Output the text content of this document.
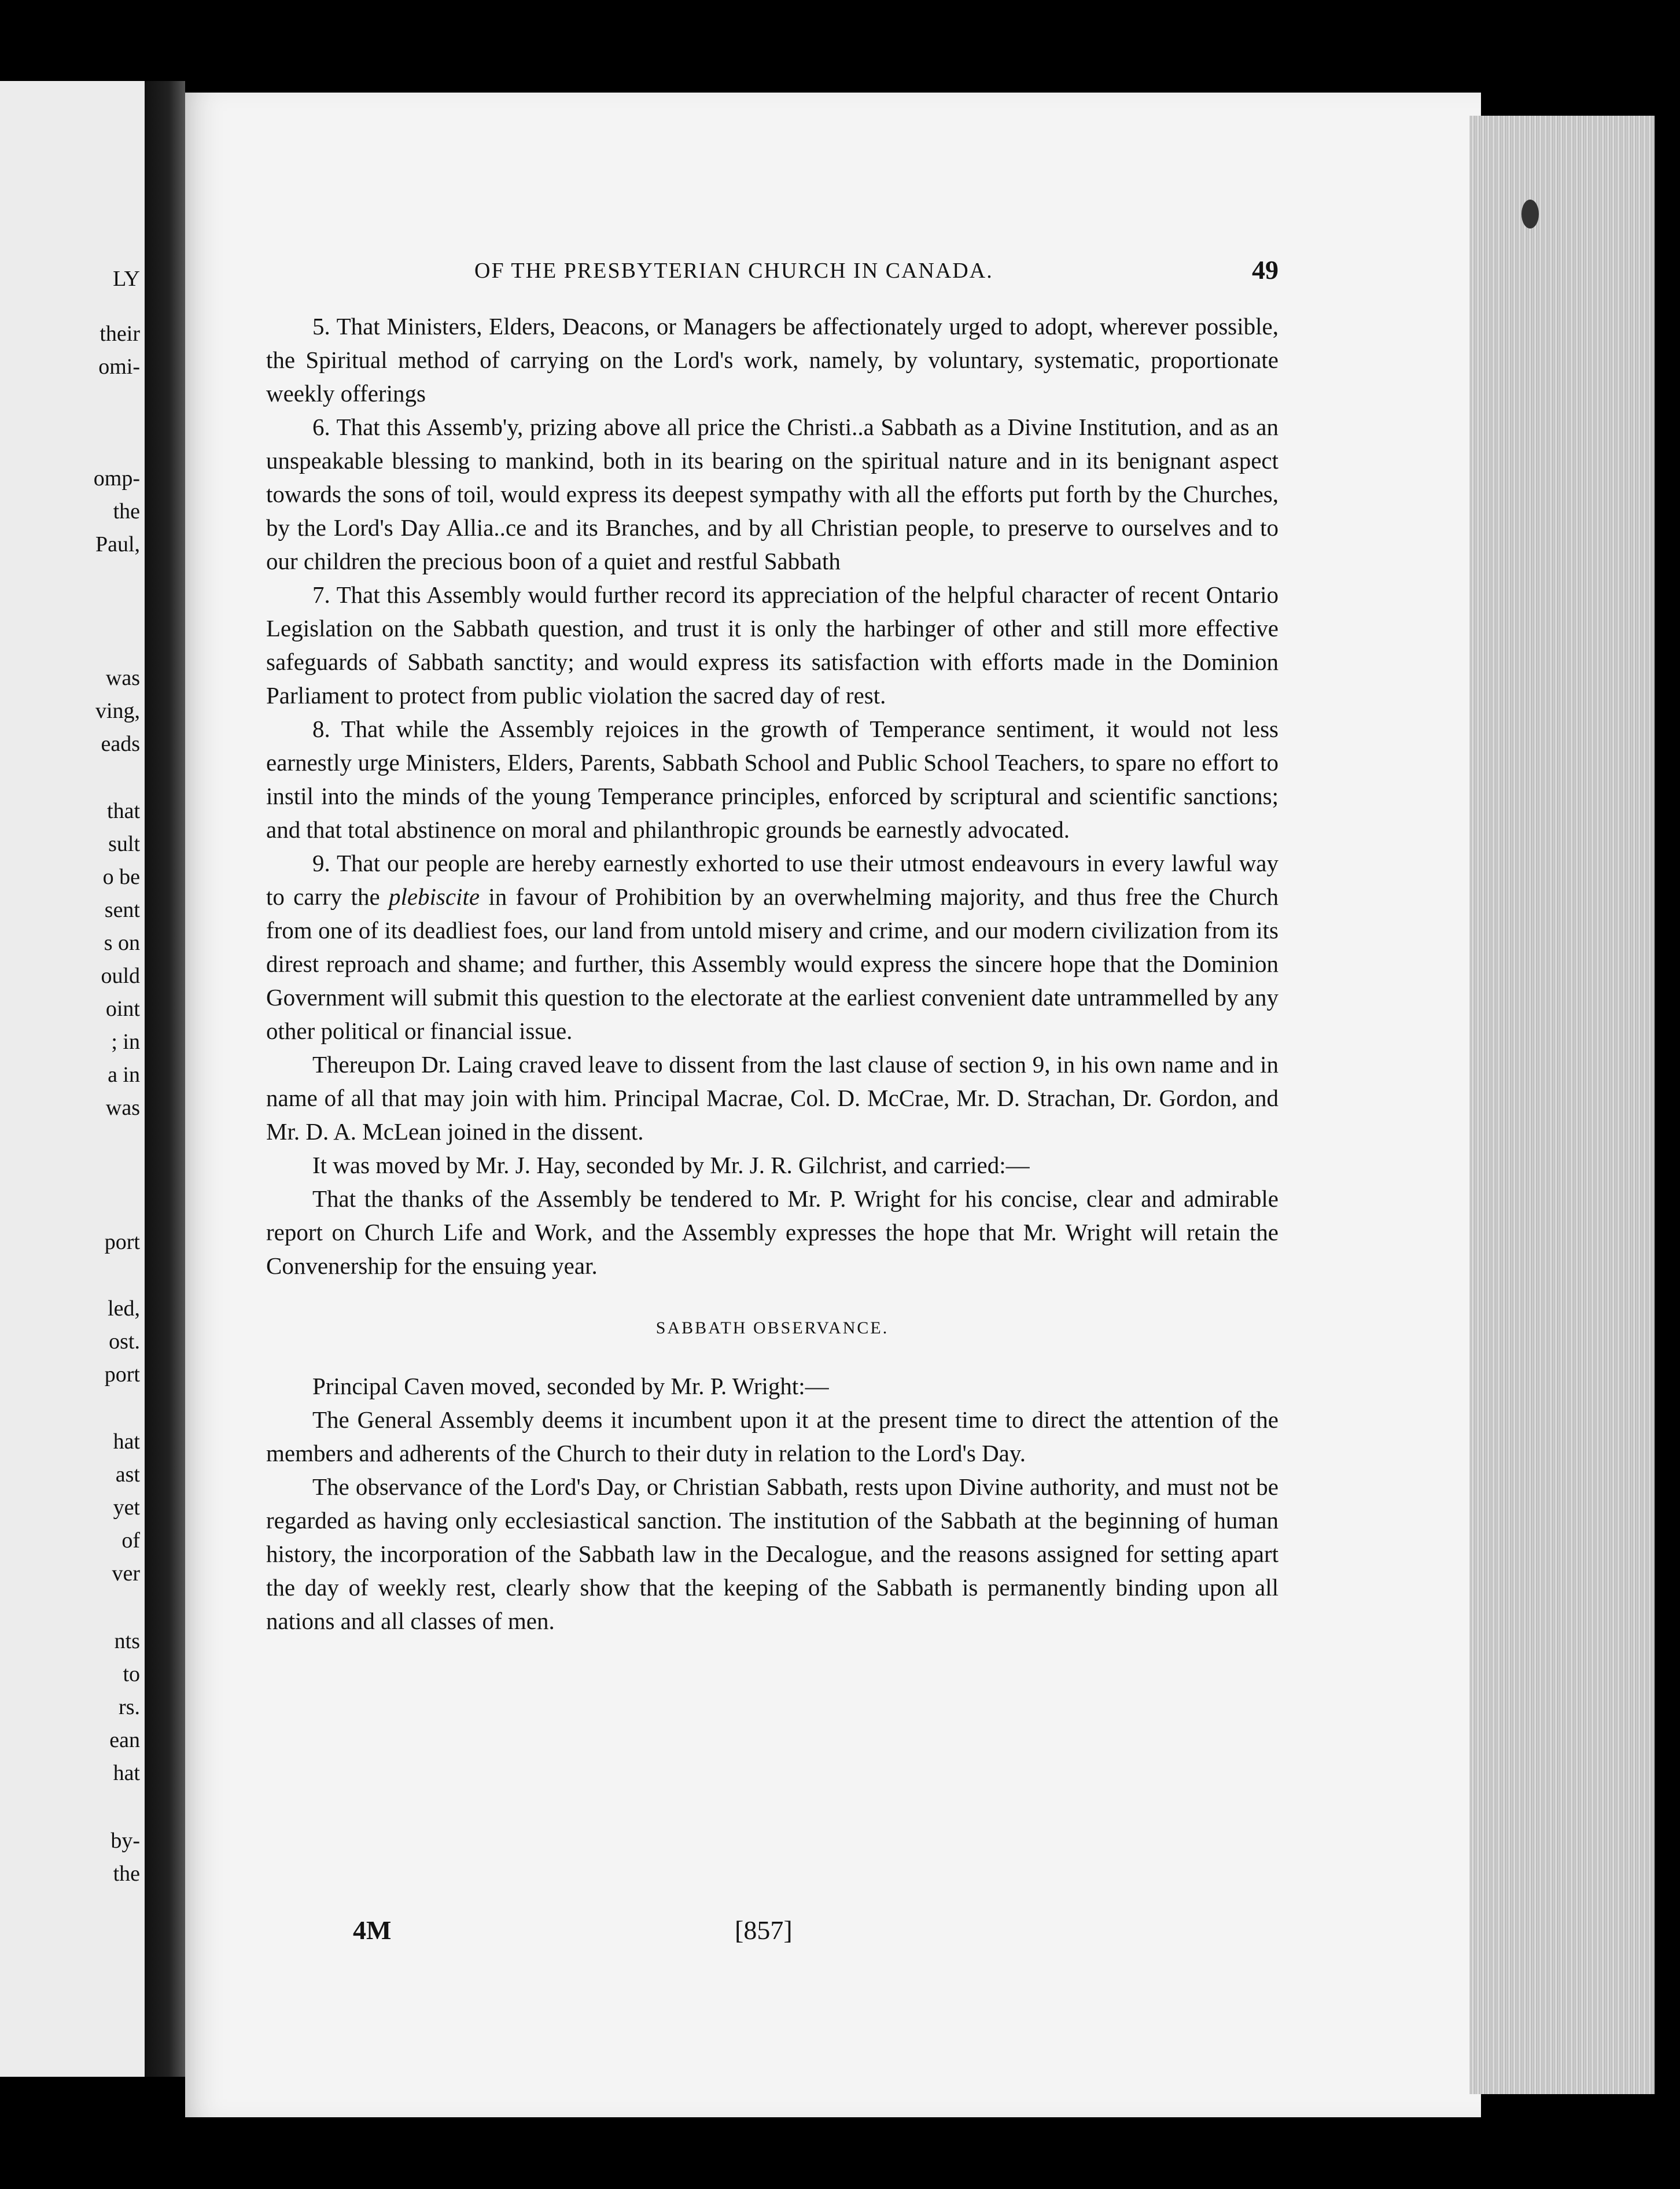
LY
their
omi-
omp-
the
Paul,
was
ving,
eads
that
sult
o be
sent
s on
ould
oint
; in
a in
was
port
led,
ost.
port
hat
ast
yet
of
ver
nts
to
rs.
ean
hat
by-
the
OF THE PRESBYTERIAN CHURCH IN CANADA.	49

5. That Ministers, Elders, Deacons, or Managers be affectionately urged to adopt, wherever possible, the Spiritual method of carrying on the Lord's work, namely, by voluntary, systematic, proportionate weekly offerings

6. That this Assemb'y, prizing above all price the Christi..a Sabbath as a Divine Institution, and as an unspeakable blessing to mankind, both in its bearing on the spiritual nature and in its benignant aspect towards the sons of toil, would express its deepest sympathy with all the efforts put forth by the Churches, by the Lord's Day Allia..ce and its Branches, and by all Christian people, to preserve to ourselves and to our children the precious boon of a quiet and restful Sabbath

7. That this Assembly would further record its appreciation of the helpful character of recent Ontario Legislation on the Sabbath question, and trust it is only the harbinger of other and still more effective safeguards of Sabbath sanctity; and would express its satisfaction with efforts made in the Dominion Parliament to protect from public violation the sacred day of rest.

8. That while the Assembly rejoices in the growth of Temperance sentiment, it would not less earnestly urge Ministers, Elders, Parents, Sabbath School and Public School Teachers, to spare no effort to instil into the minds of the young Temperance principles, enforced by scriptural and scientific sanctions; and that total abstinence on moral and philanthropic grounds be earnestly advocated.

9. That our people are hereby earnestly exhorted to use their utmost endeavours in every lawful way to carry the plebiscite in favour of Prohibition by an overwhelming majority, and thus free the Church from one of its deadliest foes, our land from untold misery and crime, and our modern civilization from its direst reproach and shame; and further, this Assembly would express the sincere hope that the Dominion Government will submit this question to the electorate at the earliest convenient date untrammelled by any other political or financial issue.

Thereupon Dr. Laing craved leave to dissent from the last clause of section 9, in his own name and in name of all that may join with him. Principal Macrae, Col. D. McCrae, Mr. D. Strachan, Dr. Gordon, and Mr. D. A. McLean joined in the dissent.

It was moved by Mr. J. Hay, seconded by Mr. J. R. Gilchrist, and carried:—

That the thanks of the Assembly be tendered to Mr. P. Wright for his concise, clear and admirable report on Church Life and Work, and the Assembly expresses the hope that Mr. Wright will retain the Convenership for the ensuing year.

SABBATH OBSERVANCE.

Principal Caven moved, seconded by Mr. P. Wright:—

The General Assembly deems it incumbent upon it at the present time to direct the attention of the members and adherents of the Church to their duty in relation to the Lord's Day.

The observance of the Lord's Day, or Christian Sabbath, rests upon Divine authority, and must not be regarded as having only ecclesiastical sanction. The institution of the Sabbath at the beginning of human history, the incorporation of the Sabbath law in the Decalogue, and the reasons assigned for setting apart the day of weekly rest, clearly show that the keeping of the Sabbath is permanently binding upon all nations and all classes of men.

4M	[857]
